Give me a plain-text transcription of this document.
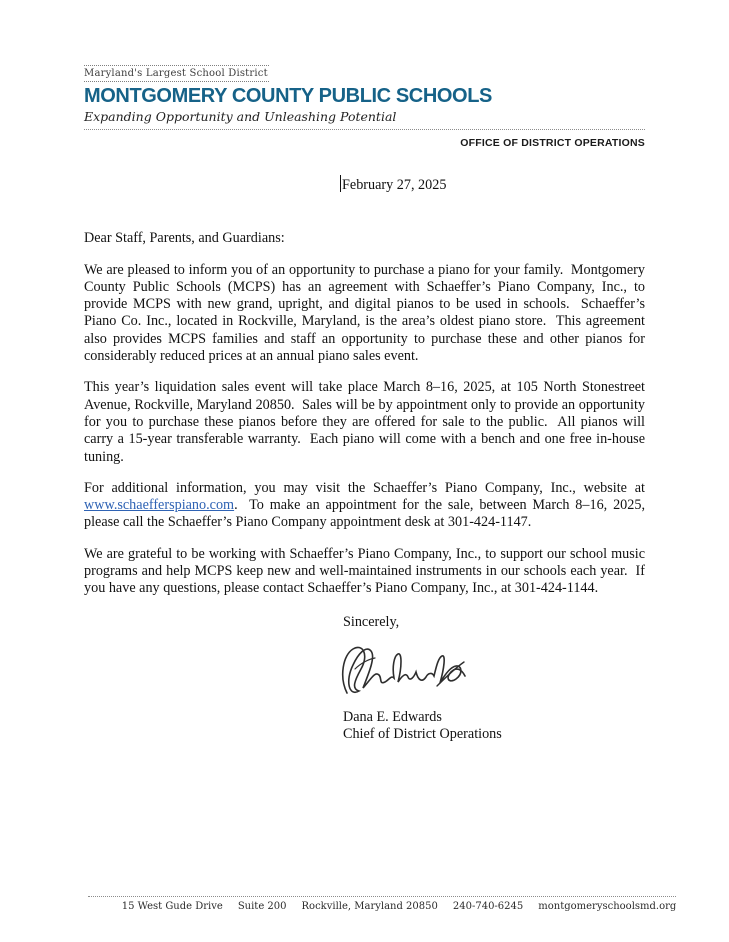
Maryland's Largest School District
MONTGOMERY COUNTY PUBLIC SCHOOLS
Expanding Opportunity and Unleashing Potential
OFFICE OF DISTRICT OPERATIONS
February 27, 2025
Dear Staff, Parents, and Guardians:
We are pleased to inform you of an opportunity to purchase a piano for your family.  Montgomery County Public Schools (MCPS) has an agreement with Schaeffer’s Piano Company, Inc., to provide MCPS with new grand, upright, and digital pianos to be used in schools.  Schaeffer’s Piano Co. Inc., located in Rockville, Maryland, is the area’s oldest piano store.  This agreement also provides MCPS families and staff an opportunity to purchase these and other pianos for considerably reduced prices at an annual piano sales event.
This year’s liquidation sales event will take place March 8–16, 2025, at 105 North Stonestreet Avenue, Rockville, Maryland 20850.  Sales will be by appointment only to provide an opportunity for you to purchase these pianos before they are offered for sale to the public.  All pianos will carry a 15-year transferable warranty.  Each piano will come with a bench and one free in-house tuning.
For additional information, you may visit the Schaeffer’s Piano Company, Inc., website at www.schaefferspiano.com.  To make an appointment for the sale, between March 8–16, 2025, please call the Schaeffer’s Piano Company appointment desk at 301-424-1147.
We are grateful to be working with Schaeffer’s Piano Company, Inc., to support our school music programs and help MCPS keep new and well-maintained instruments in our schools each year.  If you have any questions, please contact Schaeffer’s Piano Company, Inc., at 301-424-1144.
Sincerely,
Dana E. Edwards
Chief of District Operations
15 West Gude Drive Suite 200 Rockville, Maryland 20850 240-740-6245 montgomeryschoolsmd.org
